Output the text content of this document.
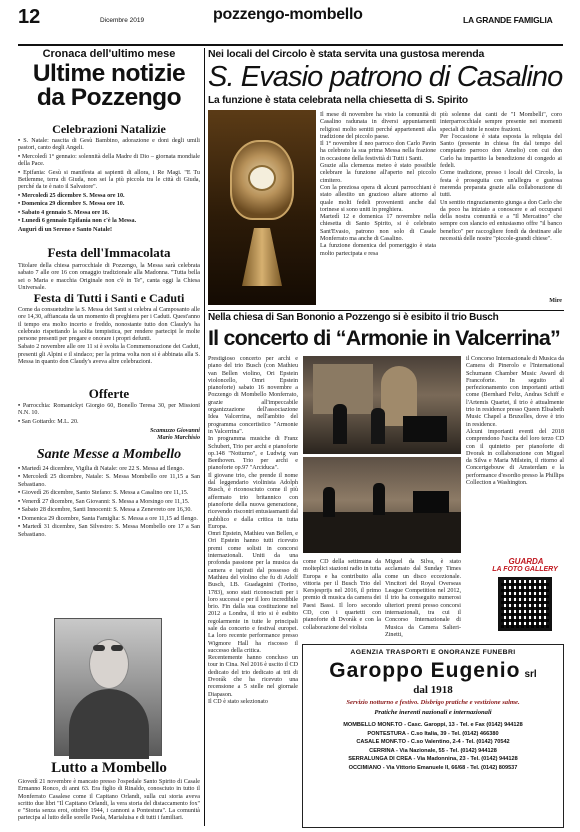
12	Dicembre 2019	pozzengo-mombello	LA GRANDE FAMIGLIA
Cronaca dell'ultimo mese
Ultime notizie
da Pozzengo
Celebrazioni Natalizie
• S. Natale: nascita di Gesù Bambino, adorazione e doni degli umili pastori, canto degli Angeli.
• Mercoledì 1° gennaio: solennità della Madre di Dio – giornata mondiale della Pace.
• Epifania: Gesù si manifesta ai sapienti di allora, i Re Magi. "E Tu Betlemme, terra di Giuda, non sei la più piccola tra le città di Giuda, perché da te è nato il Salvatore".
• Mercoledì 25 dicembre S. Messa ore 10.
• Domenica 29 dicembre S. Messa ore 10.
• Sabato 4 gennaio S. Messa ore 16.
• Lunedì 6 gennaio Epifania non c'è la Messa.
Auguri di un Sereno e Santo Natale!
Festa dell'Immacolata
Titolare della chiesa parrocchiale di Pozzengo, la Messa sarà celebrata sabato 7 alle ore 16 con omaggio tradizionale alla Madonna. "Tutta bella sei o Maria e macchia Originale non c'è in Te", canta oggi la Chiesa Universale.
Festa di Tutti i Santi e Caduti

Come da consuetudine la S. Messa dei Santi si celebra al Camposanto alle ore 14,30, affiancata da un momento di preghiera per i Caduti. Quest'anno il tempo era molto incerto e freddo, nonostante tutto don Claudy's ha celebrato rispettando la solita tempistica, per rendere partecipi le molte persone presenti per pregare e onorare i propri defunti.

Sabato 2 novembre alle ore 11 si è svolta la Commemorazione dei Caduti, presenti gli Alpini e il sindaco; per la prima volta non si è abbinata alla S. Messa in quanto don Claudy's aveva altre celebrazioni.

Offerte
• Parrocchia: Romanickyt Giorgio 60, Bonello Teresa 30, per Missioni N.N. 10.
• San Gottardo: M.L. 20.
Scamuzzo Giovanni
Mario Marchisio
Sante Messe a Mombello
• Martedì 24 dicembre, Vigilia di Natale: ore 22 S. Messa ad Ilengo.
• Mercoledì 25 dicembre, Natale: S. Messa Mombello ore 11,15 a San Sebastiano.
• Giovedì 26 dicembre, Santo Stefano: S. Messa a Casalino ore 11,15.
• Venerdì 27 dicembre, San Giovanni: S. Messa a Morsingo ore 11,15.
• Sabato 28 dicembre, Santi Innocenti: S. Messa a Zenevreto ore 16,30.
• Domenica 29 dicembre, Santa Famiglia: S. Messa a ore 11,15 ad Ilengo.
• Martedì 31 dicembre, San Silvestro: S. Messa Mombello ore 17 a San Sebastiano.
Lutto a Mombello
Giovedì 21 novembre è mancato presso l'ospedale Santo Spirito di Casale Ermanno Ronco, di anni 63. Era figlio di Rinaldo, conosciuto in tutto il Monferrato Casalese come il Capitano Orlandi, sulla cui storia aveva scritto due libri "Il Capitano Orlandi, la vera storia del distaccamento fox" e "Storia senza eroi, ottobre 1944, i cannoni a Pontestura". La comunità partecipa al lutto delle sorelle Paola, Marialuisa e di tutti i familiari.
Nei locali del Circolo è stata servita una gustosa merenda
S. Evasio patrono di Casalino
La funzione è stata celebrata nella chiesetta di S. Spirito
Il mese di novembre ha visto la comunità di Casalino radunata in diversi appuntamenti religiosi molto sentiti perché appartenenti alla tradizione del piccolo paese.
Il 1° novembre il neo parroco don Carlo Pavin ha celebrato la sua prima Messa nella frazione in occasione della festività di Tutti i Santi.
Grazie alla clemenza meteo è stato possibile celebrare la funzione all'aperto nel piccolo cimitero.
Con la preziosa opera di alcuni parrocchiani è stato allestito un grazioso altare attorno al quale molti fedeli provenienti anche dal torinese si sono uniti in preghiera.
Martedì 12 e domenica 17 novembre nella chiesetta di Santo Spirito, si è celebrato Sant'Evasio, patrono non solo di Casale Monferrato ma anche di Casalino.
La funzione domenica del pomeriggio è stata molto partecipata e resa
più solenne dai canti de "I Mombelli", coro interparrocchiale sempre presente nei momenti speciali di tutte le nostre frazioni.
Per l'occasione è stata esposta la reliquia del Santo (presente in chiesa fin dal tempo del compianto parroco don Amelio) con cui don Carlo ha impartito la benedizione di congedo ai fedeli.
Come tradizione, presso i locali del Circolo, la festa è proseguita con un'allegra e gustosa merenda preparata grazie alla collaborazione di tutti.
Un sentito ringraziamento giunga a don Carlo che da poco ha iniziato a conoscere e ad occuparsi della nostra comunità e a "Il Mercatino" che sempre con slancio ed entusiasmo offre "il banco benefico" per raccogliere fondi da destinare alle necessità delle nostre "piccole-grandi chiese".
Mire
Nella chiesa di San Bononio a Pozzengo si è esibito il trio Busch
Il concerto di “Armonie in Valcerrina”
Prestigioso concerto per archi e piano del trio Busch (con Mathieu van Bellen violino, Ori Epstein violoncello, Omri Epstein pianoforte) sabato 16 novembre a Pozzengo di Mombello Monferrato, grazie all'impeccabile organizzazione dell'associazione Idea Valcerrina, nell'ambito del programma concertistico "Armonie in Valcerrina".
In programma musiche di Franz Schubert, Trio per archi e pianoforte op.148 "Notturno", e Ludwig van Beethoven. Trio per archi e pianoforte op.97 "Arciduca".
Il giovane trio, che prende il nome dal leggendario violinista Adolph Busch, è riconosciuto come il più affermato trio britannico con pianoforte della nuova generazione, ricevendo riscontri entusiasmanti dal pubblico e dalla critica in tutta Europa.
Omri Epstein, Mathieu van Bellen, e Ori Epstein hanno tutti ricevuto premi come solisti in concorsi internazionali. Uniti da una profonda passione per la musica da camera e ispirati dal possesso di Mathieu del violino che fu di Adolf Busch, I.B. Guadagnini (Torino, 1783), sono stati riconosciuti per i loro successi e per il loro incredibile brio. Fin dalla sua costituzione nel 2012 a Londra, il trio si è esibito regolarmente in tutte le principali sale da concerto e festival europei. La loro recente performance presso Wigmore Hall ha riscosso il successo della critica.
Recentemente hanno concluso un tour in Cina. Nel 2016 è uscito il CD dedicato del trio dedicato ai trii di Dvorák che ha ricevuto una recensione a 5 stelle nel giornale Diapason.
Il CD è stato selezionato
come CD della settimana da molteplici stazioni radio in tutta Europa e ha contribuito alla vittoria per il Busch Trio del Kersjesprijs nel 2016, il primo premio di musica da camera dei Paesi Bassi. Il loro secondo CD, con i quartetti con pianoforte di Dvorák e con la collaborazione del violista
Miguel da Silva, è stato acclamato dal Sunday Times come un disco eccezionale. Vincitori del Royal Overseas League Competition nel 2012, il trio ha conseguito numerosi ulteriori premi presso concorsi internazionali, tra cui il Concorso Internazionale di Musica da Camera Salieri-Zinetti,
il Concorso Internazionale di Musica da Camera di Pinerolo e l'International Schumann Chamber Music Award di Francoforte. In seguito al perfezionamento con importanti artisti come (Bernhard Feltz, Andras Schiff e l'Artemis Quartet, il trio è attualmente trio in residence presso Queen Elisabeth Music Chapel a Bruxelles, dove è trio in residence.
Alcuni importanti eventi del 2018 comprendono l'uscita del loro terzo CD con il quintetto per pianoforte di Dvorak in collaborazione con Miguel da Silva e Maria Milstein, il ritorno al Concertgebouw di Amsterdam e la performance d'esordio presso la Phillips Collection a Washington.
GUARDA
LA FOTO GALLERY
AGENZIA TRASPORTI E ONORANZE FUNEBRI
Garoppo Eugenio srl
dal 1918
Servizio notturno e festivo. Disbrigo pratiche e vestizione salme.
Pratiche inerenti nazionali e internazionali
MOMBELLO MONF.TO - Casc. Garoppi, 13 - Tel. e Fax (0142) 944128
PONTESTURA - C.so Italia, 39 - Tel. (0142) 466380
CASALE MONF.TO - C.so Valentino, 2-4 - Tel. (0142) 70542
CERRINA - Via Nazionale, 55 - Tel. (0142) 944128
SERRALUNGA DI CREA - Via Madonnina, 23 - Tel. (0142) 944128
OCCIMIANO - Via Vittorio Emanuele II, 66/68 - Tel. (0142) 809537
